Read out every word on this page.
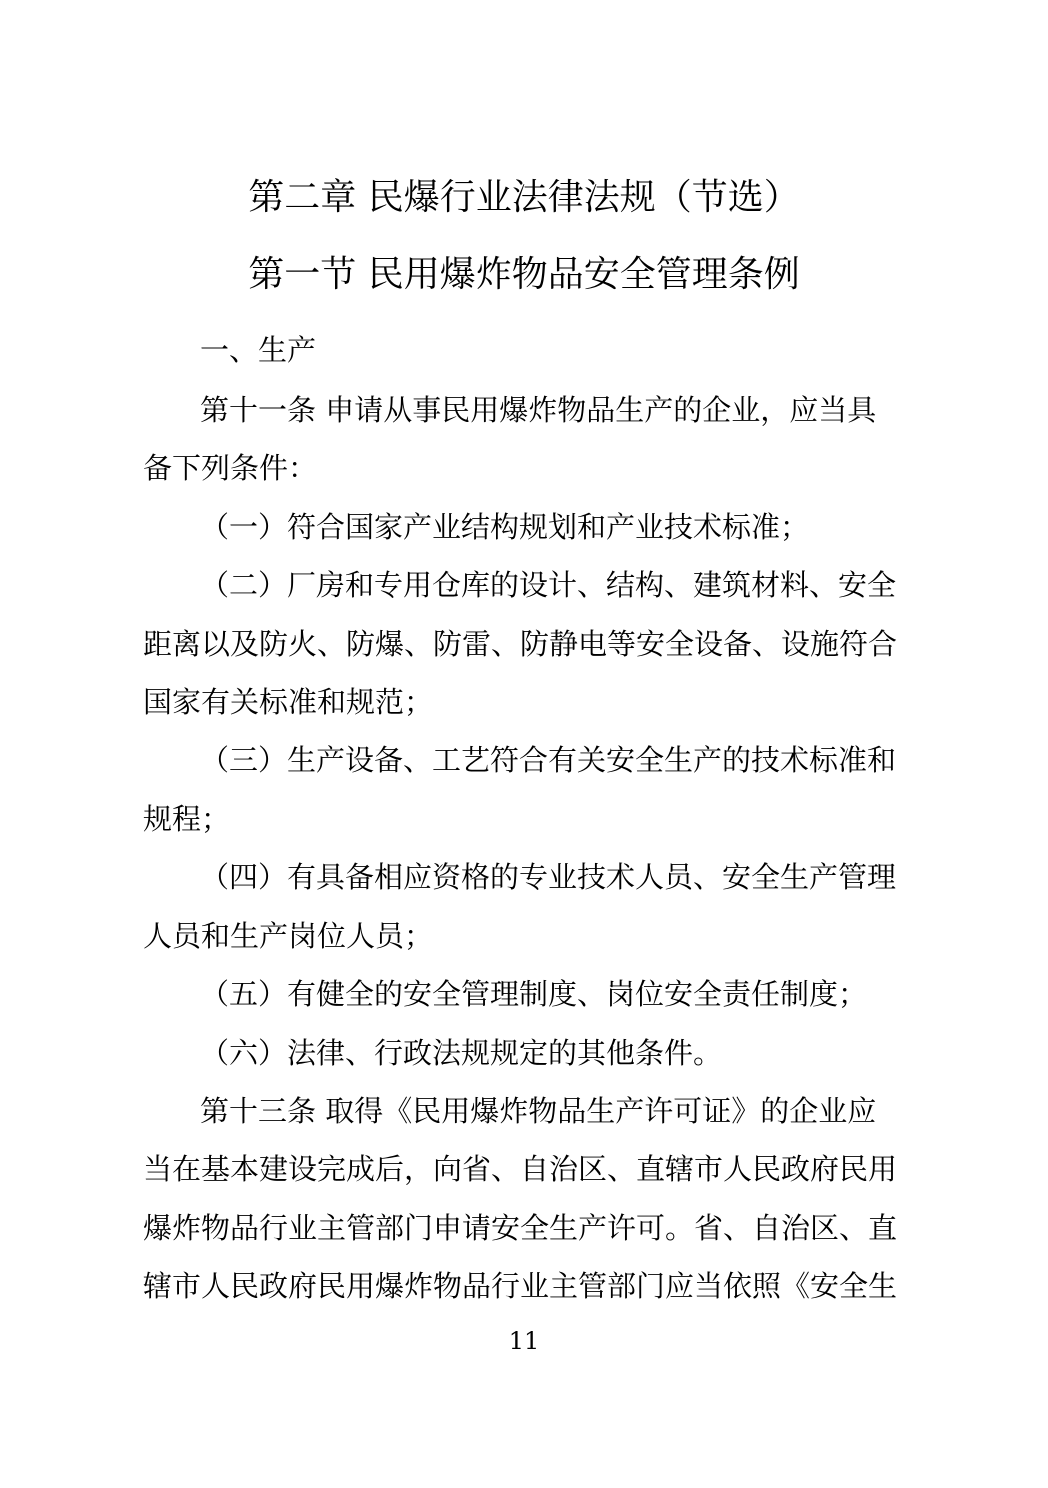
第二章 民爆行业法律法规（节选）
第一节 民用爆炸物品安全管理条例
一、生产
第十一条 申请从事民用爆炸物品生产的企业，应当具
备下列条件：
（一）符合国家产业结构规划和产业技术标准；
（二）厂房和专用仓库的设计、结构、建筑材料、安全
距离以及防火、防爆、防雷、防静电等安全设备、设施符合
国家有关标准和规范；
（三）生产设备、工艺符合有关安全生产的技术标准和
规程；
（四）有具备相应资格的专业技术人员、安全生产管理
人员和生产岗位人员；
（五）有健全的安全管理制度、岗位安全责任制度；
（六）法律、行政法规规定的其他条件。
第十三条 取得《民用爆炸物品生产许可证》的企业应
当在基本建设完成后，向省、自治区、直辖市人民政府民用
爆炸物品行业主管部门申请安全生产许可。省、自治区、直
辖市人民政府民用爆炸物品行业主管部门应当依照《安全生
11
